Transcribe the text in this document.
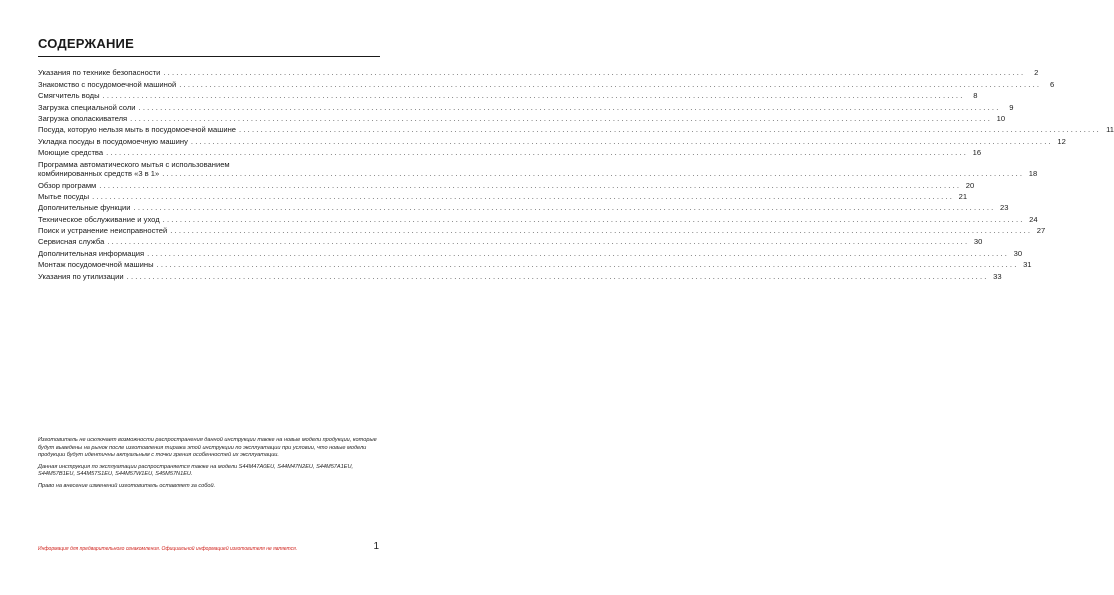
СОДЕРЖАНИЕ
Указания по технике безопасности ........................................................................................................................................................................................................	2
Знакомство с посудомоечной машиной ........................................................................................................................................................................................................	6
Смягчитель воды ........................................................................................................................................................................................................	8
Загрузка специальной соли ........................................................................................................................................................................................................	9
Загрузка ополаскивателя ........................................................................................................................................................................................................ 10
Посуда, которую нельзя мыть в посудомоечной машине ........................................................................................................................................................................................................ 11
Укладка посуды в посудомоечную машину ........................................................................................................................................................................................................ 12
Моющие средства ........................................................................................................................................................................................................ 16
Программа автоматического мытья с использованием
комбинированных средств «3 в 1» ........................................................................................................................................................................................................ 18
Обзор программ ........................................................................................................................................................................................................ 20
Мытье посуды ........................................................................................................................................................................................................ 21
Дополнительные функции ........................................................................................................................................................................................................ 23
Техническое обслуживание и уход ........................................................................................................................................................................................................ 24
Поиск и устранение неисправностей ........................................................................................................................................................................................................ 27
Сервисная служба ........................................................................................................................................................................................................ 30
Дополнительная информация ........................................................................................................................................................................................................ 30
Монтаж посудомоечной машины ........................................................................................................................................................................................................ 31
Указания по утилизации ........................................................................................................................................................................................................ 33

Изготовитель не исключает возможности распространения данной инструкции также на новые модели продукции, которые будут выведены на рынок после изготовления тиража этой инструкции по эксплуатации при условии, что новые модели продукции будут идентичны актуальным с точки зрения особенностей их эксплуатации.

Данная инструкция по эксплуатации распространяется также на модели S44M47A0EU, S44M47N2EU, S44M57A1EU, S44M57B1EU, S44M57S1EU, S44M57W1EU, S45M57N1EU.

Право на внесение изменений изготовитель оставляет за собой.

Информация для предварительного ознакомления. Официальной информацией изготовителя не является.	1
